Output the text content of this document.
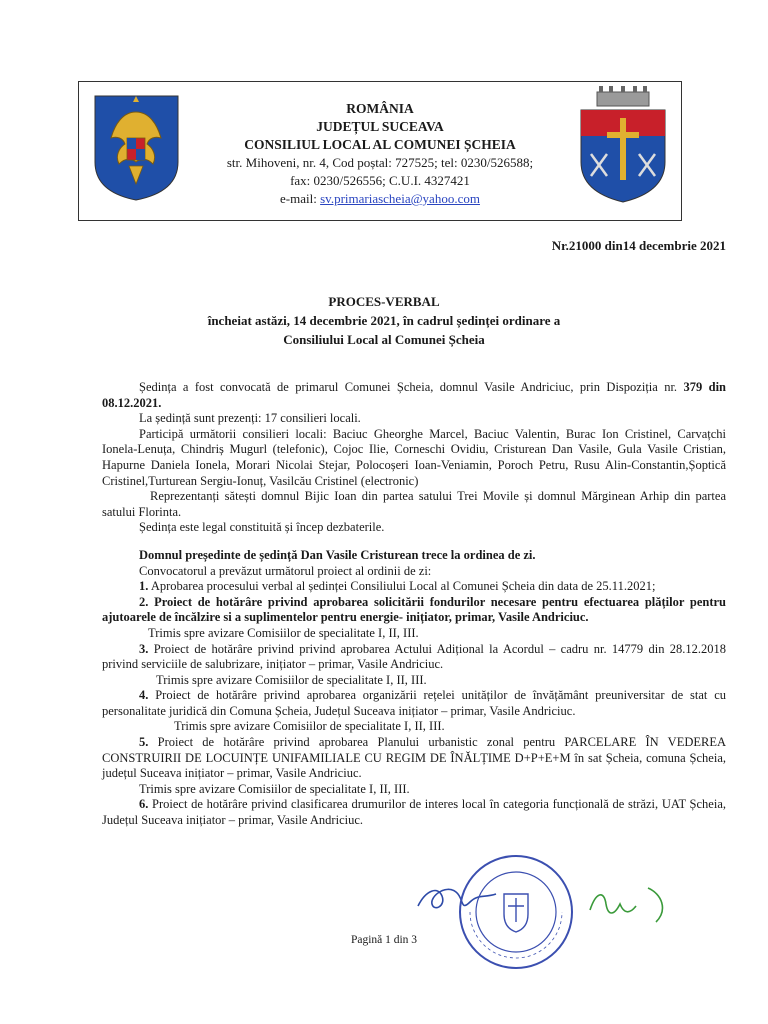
ROMÂNIA
JUDEȚUL SUCEAVA
CONSILIUL LOCAL AL COMUNEI ȘCHEIA
str. Mihoveni, nr. 4, Cod poștal: 727525; tel: 0230/526588;
fax: 0230/526556; C.U.I. 4327421
e-mail: sv.primariascheia@yahoo.com
Nr.21000 din14 decembrie 2021
PROCES-VERBAL
încheiat astăzi, 14 decembrie 2021, în cadrul ședinței ordinare a
Consiliului Local al Comunei Șcheia

Ședința a fost convocată de primarul Comunei Șcheia, domnul Vasile Andriciuc, prin Dispoziția nr. 379 din 08.12.2021.

La ședință sunt prezenți: 17 consilieri locali.

Participă următorii consilieri locali: Baciuc Gheorghe Marcel, Baciuc Valentin, Burac Ion Cristinel, Carvațchi Ionela-Lenuța, Chindriș Mugurl (telefonic), Cojoc Ilie, Corneschi Ovidiu, Cristurean Dan Vasile, Gula Vasile Cristian, Hapurne Daniela Ionela, Morari Nicolai Stejar, Polocoșeri Ioan-Veniamin, Poroch Petru, Rusu Alin-Constantin,Șoptică Cristinel,Turturean Sergiu-Ionuț, Vasilcău Cristinel (electronic)

Reprezentanți sătești domnul Bijic Ioan din partea satului Trei Movile și domnul Mărginean Arhip din partea satului Florinta.

Ședința este legal constituită și încep dezbaterile.

Domnul președinte de ședință Dan Vasile Cristurean trece la ordinea de zi.

Convocatorul a prevăzut următorul proiect al ordinii de zi:

1. Aprobarea procesului verbal al ședinței Consiliului Local al Comunei Șcheia din data de 25.11.2021;

2. Proiect de hotărâre privind aprobarea solicitării fondurilor necesare pentru efectuarea plăților pentru ajutoarele de încălzire si a suplimentelor pentru energie- inițiator, primar, Vasile Andriciuc.

Trimis spre avizare Comisiilor de specialitate I, II, III.

3. Proiect de hotărâre privind privind aprobarea Actului Adițional la Acordul – cadru nr. 14779 din 28.12.2018 privind serviciile de salubrizare, inițiator – primar, Vasile Andriciuc.

Trimis spre avizare Comisiilor de specialitate I, II, III.

4. Proiect de hotărâre privind aprobarea organizării rețelei unităților de învățământ preuniversitar de stat cu personalitate juridică din Comuna Șcheia, Județul Suceava inițiator – primar, Vasile Andriciuc.

Trimis spre avizare Comisiilor de specialitate I, II, III.

5. Proiect de hotărâre privind aprobarea Planului urbanistic zonal pentru PARCELARE ÎN VEDEREA CONSTRUIRII DE LOCUINȚE UNIFAMILIALE CU REGIM DE ÎNĂLȚIME D+P+E+M în sat Șcheia, comuna Șcheia, județul Suceava inițiator – primar, Vasile Andriciuc.

Trimis spre avizare Comisiilor de specialitate I, II, III.

6. Proiect de hotărâre privind clasificarea drumurilor de interes local în categoria funcțională de străzi, UAT Șcheia, Județul Suceava inițiator – primar, Vasile Andriciuc.

Pagină 1 din 3
